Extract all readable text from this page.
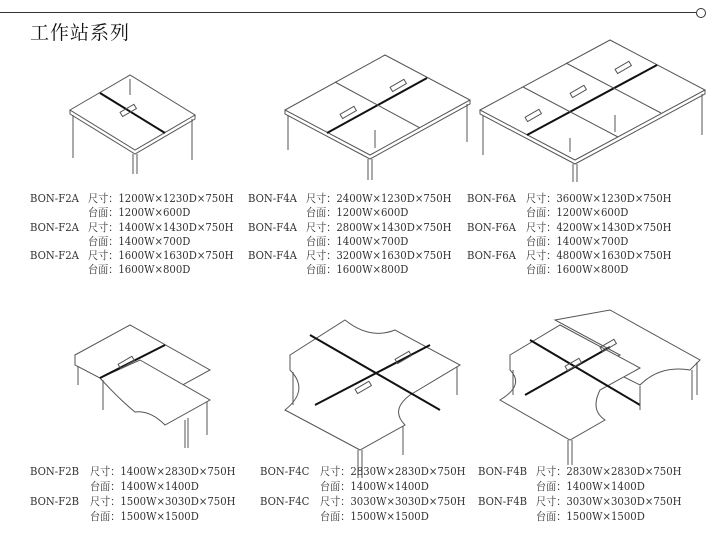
工作站系列
BON-F2A 尺寸：1200W×1230D×750H
台面：1200W×600D
BON-F2A 尺寸：1400W×1430D×750H
台面：1400W×700D
BON-F2A 尺寸：1600W×1630D×750H
台面：1600W×800D
BON-F4A 尺寸：2400W×1230D×750H
台面：1200W×600D
BON-F4A 尺寸：2800W×1430D×750H
台面：1400W×700D
BON-F4A 尺寸：3200W×1630D×750H
台面：1600W×800D
BON-F6A 尺寸：3600W×1230D×750H
台面：1200W×600D
BON-F6A 尺寸：4200W×1430D×750H
台面：1400W×700D
BON-F6A 尺寸：4800W×1630D×750H
台面：1600W×800D
BON-F2B 尺寸：1400W×2830D×750H
台面：1400W×1400D
BON-F2B 尺寸：1500W×3030D×750H
台面：1500W×1500D
BON-F4C 尺寸：2830W×2830D×750H
台面：1400W×1400D
BON-F4C 尺寸：3030W×3030D×750H
台面：1500W×1500D
BON-F4B 尺寸：2830W×2830D×750H
台面：1400W×1400D
BON-F4B 尺寸：3030W×3030D×750H
台面：1500W×1500D
